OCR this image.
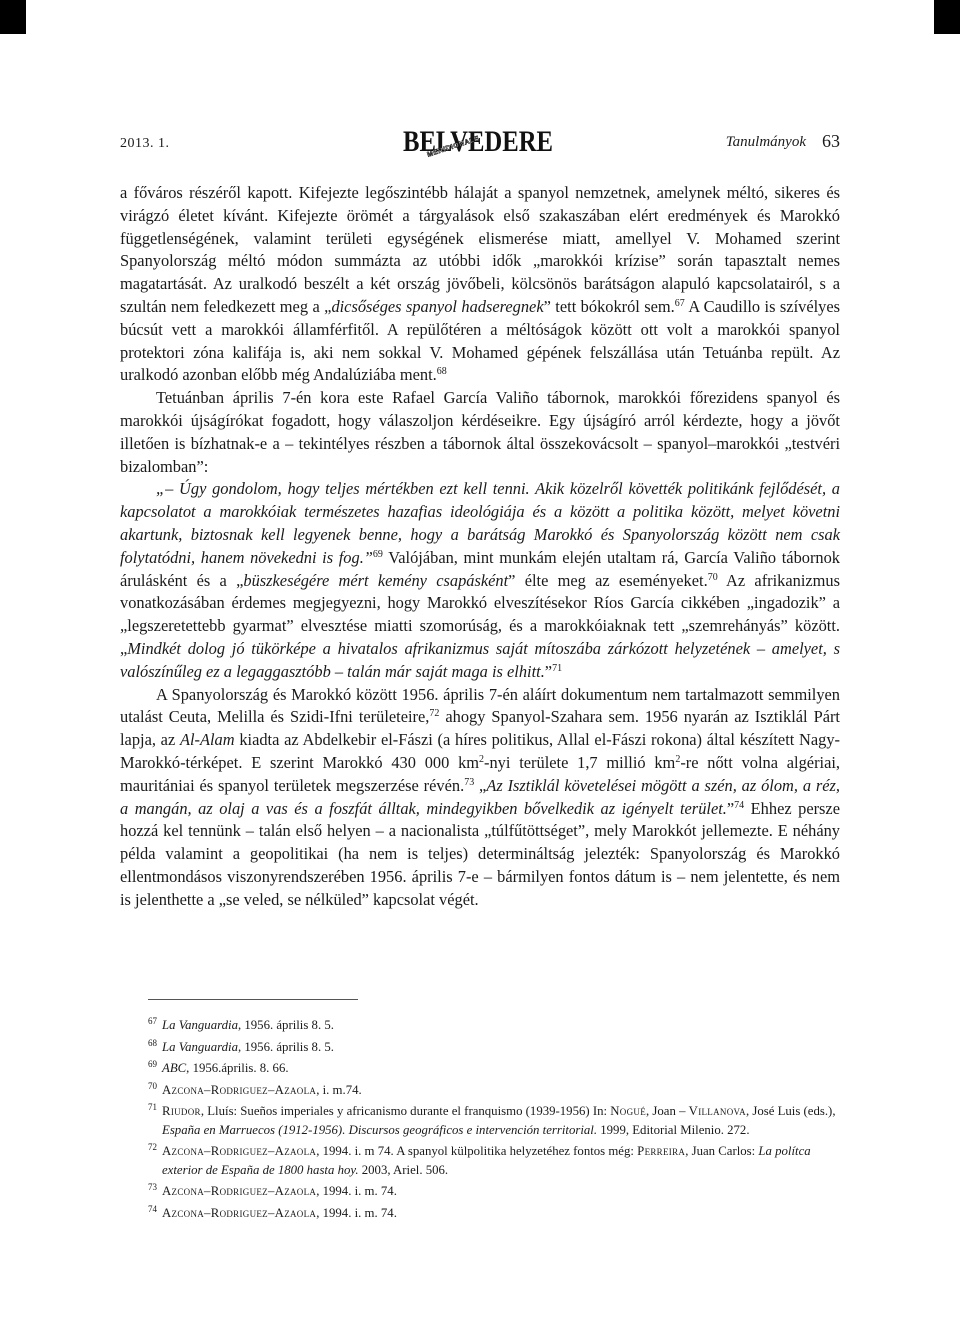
2013. 1.	BELVEDERE
MERIDIONALE	Tanulmányok 63

a főváros részéről kapott. Kifejezte legőszintébb hálaját a spanyol nemzetnek, amelynek méltó, sikeres és virágzó életet kívánt. Kifejezte örömét a tárgyalások első szakaszában elért eredmények és Marokkó függetlenségének, valamint területi egységének elismerése miatt, amellyel V. Mohamed szerint Spanyolország méltó módon summázta az utóbbi idők „marokkói krízise” során tapasztalt nemes magatartását. Az uralkodó beszélt a két ország jövőbeli, kölcsönös barátságon alapuló kapcsolatairól, s a szultán nem feledkezett meg a „dicsőséges spanyol hadseregnek” tett bókokról sem.$^{67}$ A Caudillo is szívélyes búcsút vett a marokkói államférfitől. A repülőtéren a méltóságok között ott volt a marokkói spanyol protektori zóna kalifája is, aki nem sokkal V. Mohamed gépének felszállása után Tetuánba repült. Az uralkodó azonban előbb még Andalúziába ment.$^{68}$

Tetuánban április 7-én kora este Rafael García Valiño tábornok, marokkói főrezidens spanyol és marokkói újságírókat fogadott, hogy válaszoljon kérdéseikre. Egy újságíró arról kérdezte, hogy a jövőt illetően is bízhatnak-e a – tekintélyes részben a tábornok által összekovácsolt – spanyol–marokkói „testvéri bizalomban”:

„– Úgy gondolom, hogy teljes mértékben ezt kell tenni. Akik közelről követték politikánk fejlődését, a kapcsolatot a marokkóiak természetes hazafias ideológiája és a között a politika között, melyet követni akartunk, biztosnak kell legyenek benne, hogy a barátság Marokkó és Spanyolország között nem csak folytatódni, hanem növekedni is fog.”$^{69}$ Valójában, mint munkám elején utaltam rá, García Valiño tábornok árulásként és a „büszkeségére mért kemény csapásként” élte meg az eseményeket.$^{70}$ Az afrikanizmus vonatkozásában érdemes megjegyezni, hogy Marokkó elveszítésekor Ríos García cikkében „ingadozik” a „legszeretettebb gyarmat” elvesztése miatti szomorúság, és a marokkóiaknak tett „szemrehányás” között. „Mindkét dolog jó tükörképe a hivatalos afrikanizmus saját mítoszába zárkózott helyzetének – amelyet, s valószínűleg ez a legaggasztóbb – talán már saját maga is elhitt.”$^{71}$

A Spanyolország és Marokkó között 1956. április 7-én aláírt dokumentum nem tartalmazott semmilyen utalást Ceuta, Melilla és Szidi-Ifni területeire,$^{72}$ ahogy Spanyol-Szahara sem. 1956 nyarán az Isztiklál Párt lapja, az Al-Alam kiadta az Abdelkebir el-Fászi (a híres politikus, Allal el-Fászi rokona) által készített Nagy-Marokkó-térképet. E szerint Marokkó 430 000 $km^2$-nyi területe 1,7 millió $km^2-re$ nőtt volna algériai, mauritániai és spanyol területek megszerzése révén.$^{73}$ „Az Isztiklál követelései mögött a szén, az ólom, a réz, a mangán, az olaj a vas és a foszfát álltak, mindegyikben bővelkedik az igényelt terület.”$^{74}$ Ehhez persze hozzá kel tennünk – talán első helyen – a nacionalista „túlfűtöttséget”, mely Marokkót jellemezte. E néhány példa valamint a geopolitikai (ha nem is teljes) determináltság jelezték: Spanyolország és Marokkó ellentmondásos viszonyrendszerében 1956. április 7-e – bármilyen fontos dátum is – nem jelentette, és nem is jelenthette a „se veled, se nélküled” kapcsolat végét.

67 La Vanguardia, 1956. április 8. 5.
68 La Vanguardia, 1956. április 8. 5.
69 ABC, 1956.április. 8. 66.
70 Azcona–Rodriguez–Azaola, i. m.74.
71 Riudor, Lluís: Sueños imperiales y africanismo durante el franquismo (1939-1956) In: Nogué, Joan – Villanova, José Luis (eds.), España en Marruecos (1912-1956). Discursos geográficos e intervención territorial. 1999, Editorial Milenio. 272.
72 Azcona–Rodriguez–Azaola, 1994. i. m 74. A spanyol külpolitika helyzetéhez fontos még: Perreira, Juan Carlos: La polítca exterior de España de 1800 hasta hoy. 2003, Ariel. 506.
73 Azcona–Rodriguez–Azaola, 1994. i. m. 74.
74 Azcona–Rodriguez–Azaola, 1994. i. m. 74.
